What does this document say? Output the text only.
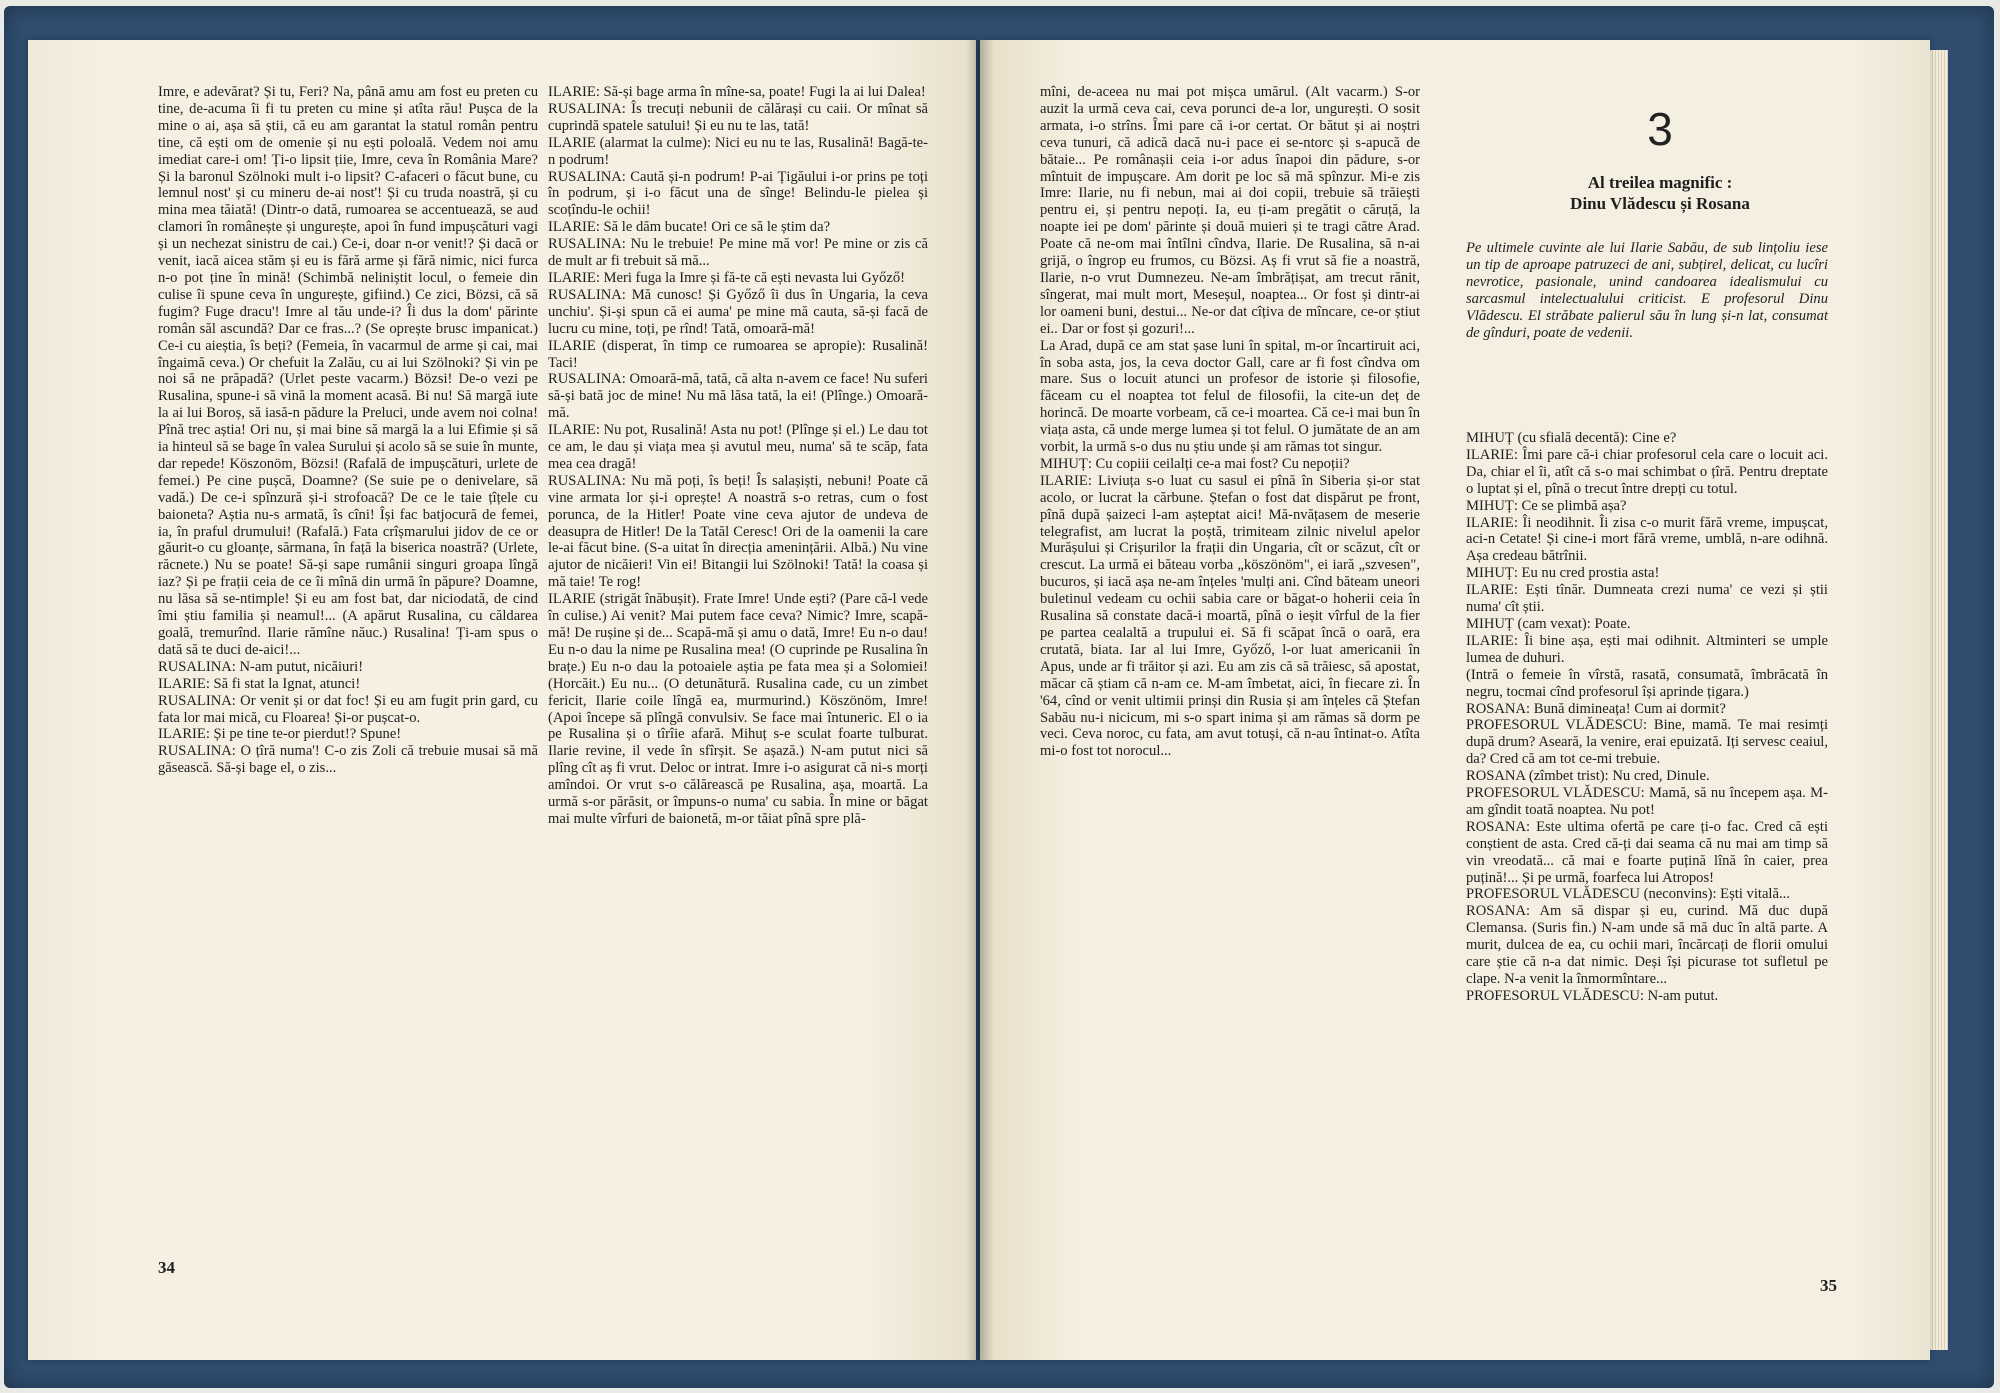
Imre, e adevărat? Și tu, Feri? Na, până amu am fost eu preten cu tine, de-acuma îi fi tu preten cu mine și atîta rău! Pușca de la mine o ai, așa să știi, că eu am garantat la statul român pentru tine, că ești om de omenie și nu ești poloală. Vedem noi amu imediat care-i om! Ți-o lipsit țiie, Imre, ceva în România Mare? Și la baronul Szölnoki mult i-o lipsit? C-afaceri o făcut bune, cu lemnul nost' și cu mineru de-ai nost'! Și cu truda noastră, și cu mina mea tăiată! (Dintr-o dată, rumoarea se accentuează, se aud clamori în românește și ungurește, apoi în fund impușcături vagi și un nechezat sinistru de cai.) Ce-i, doar n-or venit!? Și dacă or venit, iacă aicea stăm și eu is fără arme și fără nimic, nici furca n-o pot ține în mină! (Schimbă neliniștit locul, o femeie din culise îi spune ceva în ungurește, gifiind.) Ce zici, Bözsi, că să fugim? Fuge dracu'! Imre al tău unde-i? Îi dus la dom' părinte român săl ascundă? Dar ce fras...? (Se oprește brusc impanicat.) Ce-i cu aieștia, îs beți? (Femeia, în vacarmul de arme și cai, mai îngaimă ceva.) Or chefuit la Zalău, cu ai lui Szölnoki? Și vin pe noi să ne prăpadă? (Urlet peste vacarm.) Bözsi! De-o vezi pe Rusalina, spune-i să vină la moment acasă. Bi nu! Să margă iute la ai lui Boroș, să iasă-n pădure la Preluci, unde avem noi colna! Pînă trec aștia! Ori nu, și mai bine să margă la a lui Efimie și să ia hinteul să se bage în valea Surului și acolo să se suie în munte, dar repede! Köszonöm, Bözsi! (Rafală de impușcături, urlete de femei.) Pe cine pușcă, Doamne? (Se suie pe o denivelare, să vadă.) De ce-i spînzură și-i strofoacă? De ce le taie țîțele cu baioneta? Aștia nu-s armată, îs cîni! Își fac batjocură de femei, ia, în praful drumului! (Rafală.) Fata crîșmarului jidov de ce or găurit-o cu gloanțe, sărmana, în față la biserica noastră? (Urlete, răcnete.) Nu se poate! Să-și sape rumânii singuri groapa lîngă iaz? Și pe frații ceia de ce îi mînă din urmă în păpure? Doamne, nu lăsa să se-ntimple! Și eu am fost bat, dar niciodată, de cind îmi știu familia și neamul!... (A apărut Rusalina, cu căldarea goală, tremurînd. Ilarie rămîne năuc.) Rusalina! Ți-am spus o dată să te duci de-aici!...

RUSALINA: N-am putut, nicăiuri!

ILARIE: Să fi stat la Ignat, atunci!

RUSALINA: Or venit și or dat foc! Și eu am fugit prin gard, cu fata lor mai mică, cu Floarea! Și-or pușcat-o.

ILARIE: Și pe tine te-or pierdut!? Spune!

RUSALINA: O țîră numa'! C-o zis Zoli că trebuie musai să mă găsească. Să-și bage el, o zis...

ILARIE: Să-și bage arma în mîne-sa, poate! Fugi la ai lui Dalea!

RUSALINA: Îs trecuți nebunii de călărași cu caii. Or mînat să cuprindă spatele satului! Și eu nu te las, tată!

ILARIE (alarmat la culme): Nici eu nu te las, Rusalină! Bagă-te-n podrum!

RUSALINA: Caută și-n podrum! P-ai Țigăului i-or prins pe toți în podrum, și i-o făcut una de sînge! Belindu-le pielea și scoțîndu-le ochii!

ILARIE: Să le dăm bucate! Ori ce să le știm da?

RUSALINA: Nu le trebuie! Pe mine mă vor! Pe mine or zis că de mult ar fi trebuit să mă...

ILARIE: Meri fuga la Imre și fă-te că ești nevasta lui Győző!

RUSALINA: Mă cunosc! Și Győző îi dus în Ungaria, la ceva unchiu'. Și-și spun că ei auma' pe mine mă cauta, să-și facă de lucru cu mine, toți, pe rînd! Tată, omoară-mă!

ILARIE (disperat, în timp ce rumoarea se apropie): Rusalină! Taci!

RUSALINA: Omoară-mă, tată, că alta n-avem ce face! Nu suferi să-și bată joc de mine! Nu mă lăsa tată, la ei! (Plînge.) Omoară-mă.

ILARIE: Nu pot, Rusalină! Asta nu pot! (Plînge și el.) Le dau tot ce am, le dau și viața mea și avutul meu, numa' să te scăp, fata mea cea dragă!

RUSALINA: Nu mă poți, îs beți! Îs salașiști, nebuni! Poate că vine armata lor și-i oprește! A noastră s-o retras, cum o fost porunca, de la Hitler! Poate vine ceva ajutor de undeva de deasupra de Hitler! De la Tatăl Ceresc! Ori de la oamenii la care le-ai făcut bine. (S-a uitat în direcția amenințării. Albă.) Nu vine ajutor de nicăieri! Vin ei! Bitangii lui Szölnoki! Tată! la coasa și mă taie! Te rog!

ILARIE (strigăt înăbușit). Frate Imre! Unde ești? (Pare că-l vede în culise.) Ai venit? Mai putem face ceva? Nimic? Imre, scapă-mă! De rușine și de... Scapă-mă și amu o dată, Imre! Eu n-o dau! Eu n-o dau la nime pe Rusalina mea! (O cuprinde pe Rusalina în brațe.) Eu n-o dau la potoaiele aștia pe fata mea și a Solomiei! (Horcăit.) Eu nu... (O detunătură. Rusalina cade, cu un zimbet fericit, Ilarie coile lîngă ea, murmurind.) Köszönöm, Imre! (Apoi începe să plîngă convulsiv. Se face mai întuneric. El o ia pe Rusalina și o tîrîie afară. Mihuț s-e sculat foarte tulburat. Ilarie revine, il vede în sfîrșit. Se așază.) N-am putut nici să plîng cît aș fi vrut. Deloc or intrat. Imre i-o asigurat că ni-s morți amîndoi. Or vrut s-o călărească pe Rusalina, așa, moartă. La urmă s-or părăsit, or împuns-o numa' cu sabia. În mine or băgat mai multe vîrfuri de baionetă, m-or tăiat pînă spre plă-

34

mîni, de-aceea nu mai pot mișca umărul. (Alt vacarm.) S-or auzit la urmă ceva cai, ceva porunci de-a lor, ungurești. O sosit armata, i-o strîns. Îmi pare că i-or certat. Or bătut și ai noștri ceva tunuri, că adică dacă nu-i pace ei se-ntorc și s-apucă de bătaie... Pe românașii ceia i-or adus înapoi din pădure, s-or mîntuit de impușcare. Am dorit pe loc să mă spînzur. Mi-e zis Imre: Ilarie, nu fi nebun, mai ai doi copii, trebuie să trăiești pentru ei, și pentru nepoți. Ia, eu ți-am pregătit o căruță, la noapte iei pe dom' părinte și două muieri și te tragi către Arad. Poate că ne-om mai întîlni cîndva, Ilarie. De Rusalina, să n-ai grijă, o îngrop eu frumos, cu Bözsi. Aș fi vrut să fie a noastră, Ilarie, n-o vrut Dumnezeu. Ne-am îmbrățișat, am trecut rănit, sîngerat, mai mult mort, Meseșul, noaptea... Or fost și dintr-ai lor oameni buni, destui... Ne-or dat cîțiva de mîncare, ce-or știut ei.. Dar or fost și gozuri!...

La Arad, după ce am stat șase luni în spital, m-or încartiruit aci, în soba asta, jos, la ceva doctor Gall, care ar fi fost cîndva om mare. Sus o locuit atunci un profesor de istorie și filosofie, făceam cu el noaptea tot felul de filosofii, la cite-un deț de horincă. De moarte vorbeam, că ce-i moartea. Că ce-i mai bun în viața asta, că unde merge lumea și tot felul. O jumătate de an am vorbit, la urmă s-o dus nu știu unde și am rămas tot singur.

MIHUȚ: Cu copiii ceilalți ce-a mai fost? Cu nepoții?

ILARIE: Liviuța s-o luat cu sasul ei pînă în Siberia și-or stat acolo, or lucrat la cărbune. Ștefan o fost dat dispărut pe front, pînă după șaizeci l-am așteptat aici! Mă-nvățasem de meserie telegrafist, am lucrat la poștă, trimiteam zilnic nivelul apelor Murășului și Crișurilor la frații din Ungaria, cît or scăzut, cît or crescut. La urmă ei băteau vorba „köszönöm", ei iară „szvesen", bucuros, și iacă așa ne-am înțeles 'mulți ani. Cînd băteam uneori buletinul vedeam cu ochii sabia care or băgat-o hoherii ceia în Rusalina să constate dacă-i moartă, pînă o ieșit vîrful de la fier pe partea cealaltă a trupului ei. Să fi scăpat încă o oară, era crutată, biata. Iar al lui Imre, Győző, l-or luat americanii în Apus, unde ar fi trăitor și azi. Eu am zis că să trăiesc, să apostat, măcar că știam că n-am ce. M-am îmbetat, aici, în fiecare zi. În '64, cînd or venit ultimii prinși din Rusia și am înțeles că Ștefan Sabău nu-i nicicum, mi s-o spart inima și am rămas să dorm pe veci. Ceva noroc, cu fata, am avut totuși, că n-au întinat-o. Atîta mi-o fost tot norocul...

3
Al treilea magnific :
Dinu Vlădescu și Rosana
Pe ultimele cuvinte ale lui Ilarie Sabău, de sub lințoliu iese un tip de aproape patruzeci de ani, subțirel, delicat, cu lucîri nevrotice, pasionale, unind candoarea idealismului cu sarcasmul intelectualului criticist. E profesorul Dinu Vlădescu. El străbate palierul său în lung și-n lat, consumat de gînduri, poate de vedenii.

MIHUȚ (cu sfială decentă): Cine e?

ILARIE: Îmi pare că-i chiar profesorul cela care o locuit aci. Da, chiar el îi, atît că s-o mai schimbat o țîră. Pentru dreptate o luptat și el, pînă o trecut între drepți cu totul.

MIHUȚ: Ce se plimbă așa?

ILARIE: Îi neodihnit. Îi zisa c-o murit fără vreme, impușcat, aci-n Cetate! Și cine-i mort fără vreme, umblă, n-are odihnă. Așa credeau bătrînii.

MIHUȚ: Eu nu cred prostia asta!

ILARIE: Ești tînăr. Dumneata crezi numa' ce vezi și știi numa' cît știi.

MIHUȚ (cam vexat): Poate.

ILARIE: Îi bine așa, ești mai odihnit. Altminteri se umple lumea de duhuri.

(Intră o femeie în vîrstă, rasată, consumată, îmbrăcată în negru, tocmai cînd profesorul își aprinde țigara.)

ROSANA: Bună dimineața! Cum ai dormit?

PROFESORUL VLĂDESCU: Bine, mamă. Te mai resimți după drum? Aseară, la venire, erai epuizată. Iți servesc ceaiul, da? Cred că am tot ce-mi trebuie.

ROSANA (zîmbet trist): Nu cred, Dinule.

PROFESORUL VLĂDESCU: Mamă, să nu începem așa. M-am gîndit toată noaptea. Nu pot!

ROSANA: Este ultima ofertă pe care ți-o fac. Cred că ești conștient de asta. Cred că-ți dai seama că nu mai am timp să vin vreodată... că mai e foarte puțină lînă în caier, prea puțină!... Și pe urmă, foarfeca lui Atropos!

PROFESORUL VLĂDESCU (neconvins): Ești vitală...

ROSANA: Am să dispar și eu, curind. Mă duc după Clemansa. (Suris fin.) N-am unde să mă duc în altă parte. A murit, dulcea de ea, cu ochii mari, încărcați de florii omului care știe că n-a dat nimic. Deși își picurase tot sufletul pe clape. N-a venit la înmormîntare...

PROFESORUL VLĂDESCU: N-am putut.

35
